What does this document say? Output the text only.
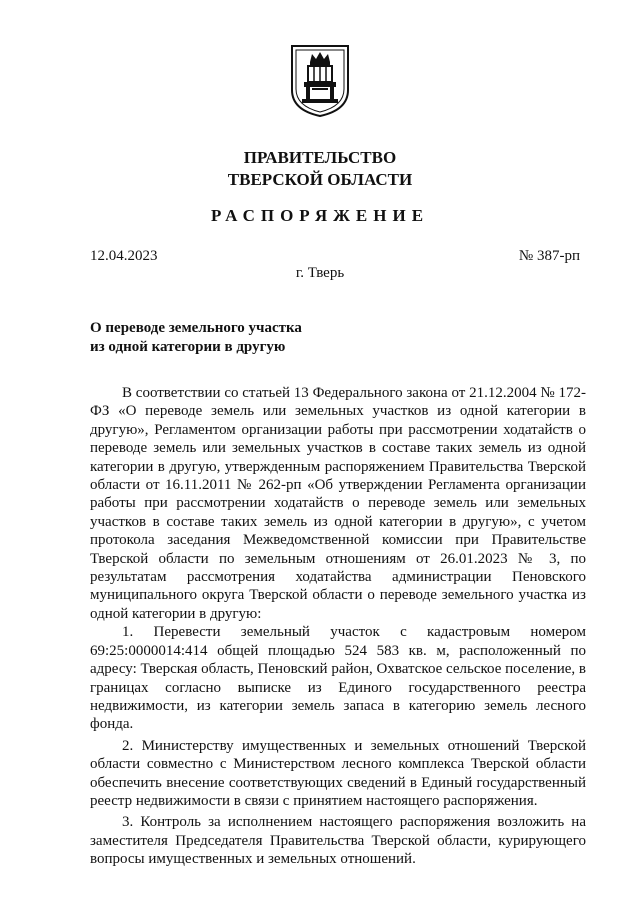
ПРАВИТЕЛЬСТВО
ТВЕРСКОЙ ОБЛАСТИ
РАСПОРЯЖЕНИЕ
12.04.2023	№ 387-рп
г. Тверь
О переводе земельного участка
из одной категории в другую

В соответствии со статьей 13 Федерального закона от 21.12.2004 № 172-ФЗ «О переводе земель или земельных участков из одной категории в другую», Регламентом организации работы при рассмотрении ходатайств о переводе земель или земельных участков в составе таких земель из одной категории в другую, утвержденным распоряжением Правительства Тверской области от 16.11.2011 № 262-рп «Об утверждении Регламента организации работы при рассмотрении ходатайств о переводе земель или земельных участков в составе таких земель из одной категории в другую», с учетом протокола заседания Межведомственной комиссии при Правительстве Тверской области по земельным отношениям от 26.01.2023 № 3, по результатам рассмотрения ходатайства администрации Пеновского муниципального округа Тверской области о переводе земельного участка из одной категории в другую:

1. Перевести земельный участок с кадастровым номером 69:25:0000014:414 общей площадью 524 583 кв. м, расположенный по адресу: Тверская область, Пеновский район, Охватское сельское поселение, в границах согласно выписке из Единого государственного реестра недвижимости, из категории земель запаса в категорию земель лесного фонда.

2. Министерству имущественных и земельных отношений Тверской области совместно с Министерством лесного комплекса Тверской области обеспечить внесение соответствующих сведений в Единый государственный реестр недвижимости в связи с принятием настоящего распоряжения.

3. Контроль за исполнением настоящего распоряжения возложить на заместителя Председателя Правительства Тверской области, курирующего вопросы имущественных и земельных отношений.
